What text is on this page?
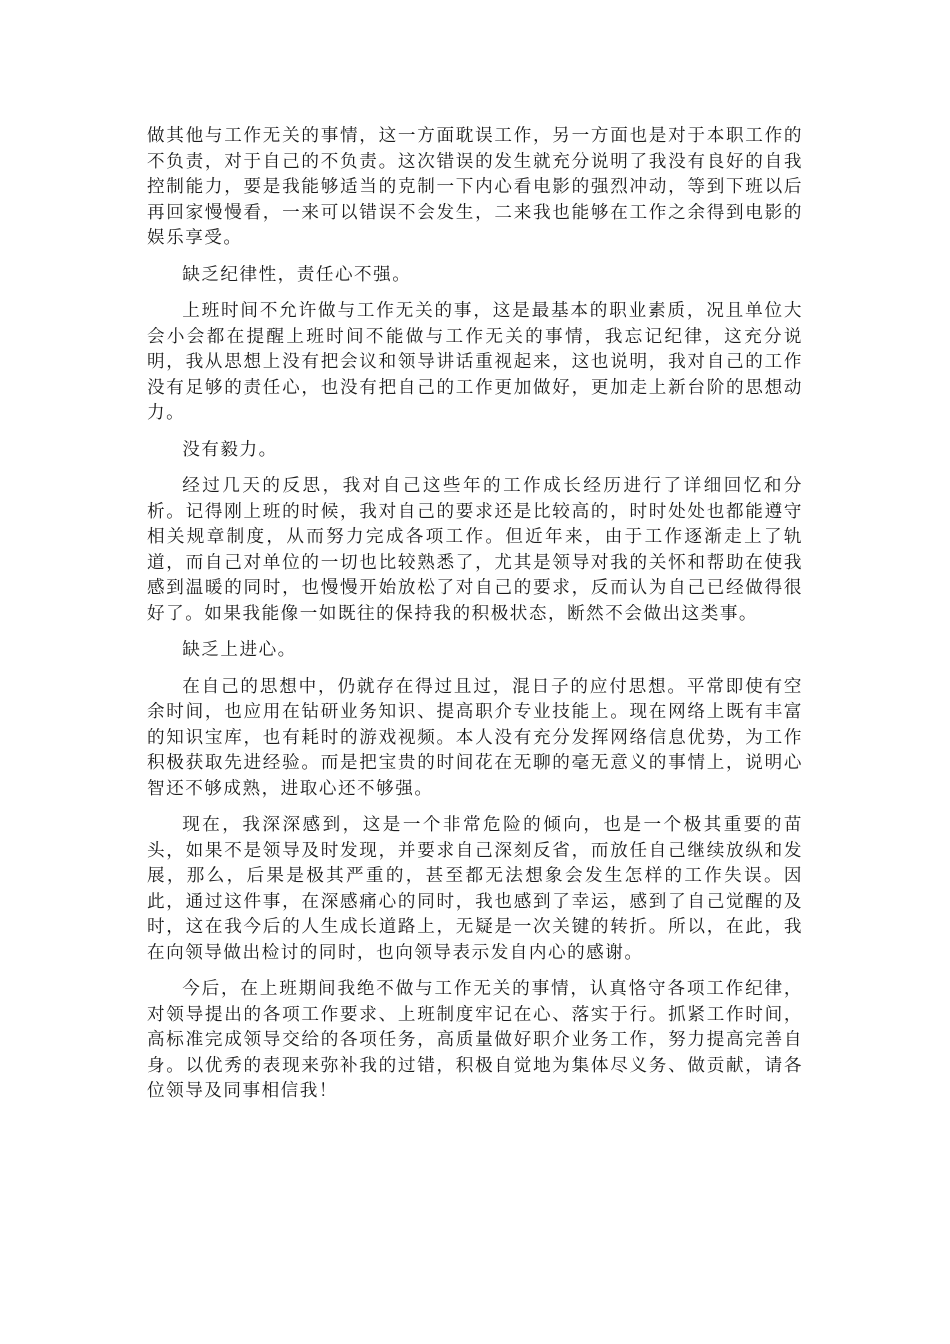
做其他与工作无关的事情，这一方面耽误工作，另一方面也是对于本职工作的不负责，对于自己的不负责。这次错误的发生就充分说明了我没有良好的自我控制能力，要是我能够适当的克制一下内心看电影的强烈冲动，等到下班以后再回家慢慢看，一来可以错误不会发生，二来我也能够在工作之余得到电影的娱乐享受。

缺乏纪律性，责任心不强。

上班时间不允许做与工作无关的事，这是最基本的职业素质，况且单位大会小会都在提醒上班时间不能做与工作无关的事情，我忘记纪律，这充分说明，我从思想上没有把会议和领导讲话重视起来，这也说明，我对自己的工作没有足够的责任心，也没有把自己的工作更加做好，更加走上新台阶的思想动力。

没有毅力。

经过几天的反思，我对自己这些年的工作成长经历进行了详细回忆和分析。记得刚上班的时候，我对自己的要求还是比较高的，时时处处也都能遵守相关规章制度，从而努力完成各项工作。但近年来，由于工作逐渐走上了轨道，而自己对单位的一切也比较熟悉了，尤其是领导对我的关怀和帮助在使我感到温暖的同时，也慢慢开始放松了对自己的要求，反而认为自己已经做得很好了。如果我能像一如既往的保持我的积极状态，断然不会做出这类事。

缺乏上进心。

在自己的思想中，仍就存在得过且过，混日子的应付思想。平常即使有空余时间，也应用在钻研业务知识、提高职介专业技能上。现在网络上既有丰富的知识宝库，也有耗时的游戏视频。本人没有充分发挥网络信息优势，为工作积极获取先进经验。而是把宝贵的时间花在无聊的毫无意义的事情上，说明心智还不够成熟，进取心还不够强。

现在，我深深感到，这是一个非常危险的倾向，也是一个极其重要的苗头，如果不是领导及时发现，并要求自己深刻反省，而放任自己继续放纵和发展，那么，后果是极其严重的，甚至都无法想象会发生怎样的工作失误。因此，通过这件事，在深感痛心的同时，我也感到了幸运，感到了自己觉醒的及时，这在我今后的人生成长道路上，无疑是一次关键的转折。所以，在此，我在向领导做出检讨的同时，也向领导表示发自内心的感谢。

今后，在上班期间我绝不做与工作无关的事情，认真恪守各项工作纪律，对领导提出的各项工作要求、上班制度牢记在心、落实于行。抓紧工作时间，高标准完成领导交给的各项任务，高质量做好职介业务工作，努力提高完善自身。以优秀的表现来弥补我的过错，积极自觉地为集体尽义务、做贡献，请各位领导及同事相信我！
